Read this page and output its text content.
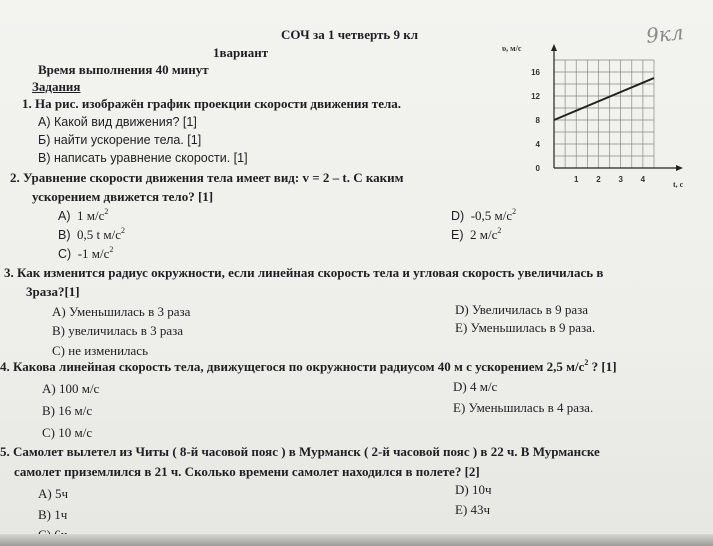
СОЧ за 1 четверть 9 кл
1вариант
Время выполнения 40 минут
Задания
9кл
1. На рис. изображён график проекции скорости движения тела.
А) Какой вид движения? [1]
Б) найти ускорение тела. [1]
В) написать уравнение скорости. [1]
0
4
8
12
16
1 2 3 4
υ, м/с
t, с
2. Уравнение скорости движения тела имеет вид: v = 2 – t. С каким
ускорением движется тело? [1]
А) 1 $м/с^2$
В) 0,5 t $м/с^2$
С) -1 $м/с^2$
D) -0,5 $м/с^2$
Е) 2 $м/с^2$
3. Как изменится радиус окружности, если линейная скорость тела и угловая скорость увеличилась в
3раза?[1]
А) Уменьшилась в 3 раза
В) увеличилась в 3 раза
С) не изменилась
D) Увеличилась в 9 раза
Е) Уменьшилась в 9 раза.
4. Какова линейная скорость тела, движущегося по окружности радиусом 40 м с ускорением 2,5 $м/с^2$ ? [1]
А) 100 м/с
В) 16 м/с
С) 10 м/с
D) 4 м/с
Е) Уменьшилась в 4 раза.
5. Самолет вылетел из Читы ( 8-й часовой пояс ) в Мурманск ( 2-й часовой пояс ) в 22 ч. В Мурманске
самолет приземлился в 21 ч. Сколько времени самолет находился в полете? [2]
А) 5ч
В) 1ч
D) 10ч
Е) 43ч
